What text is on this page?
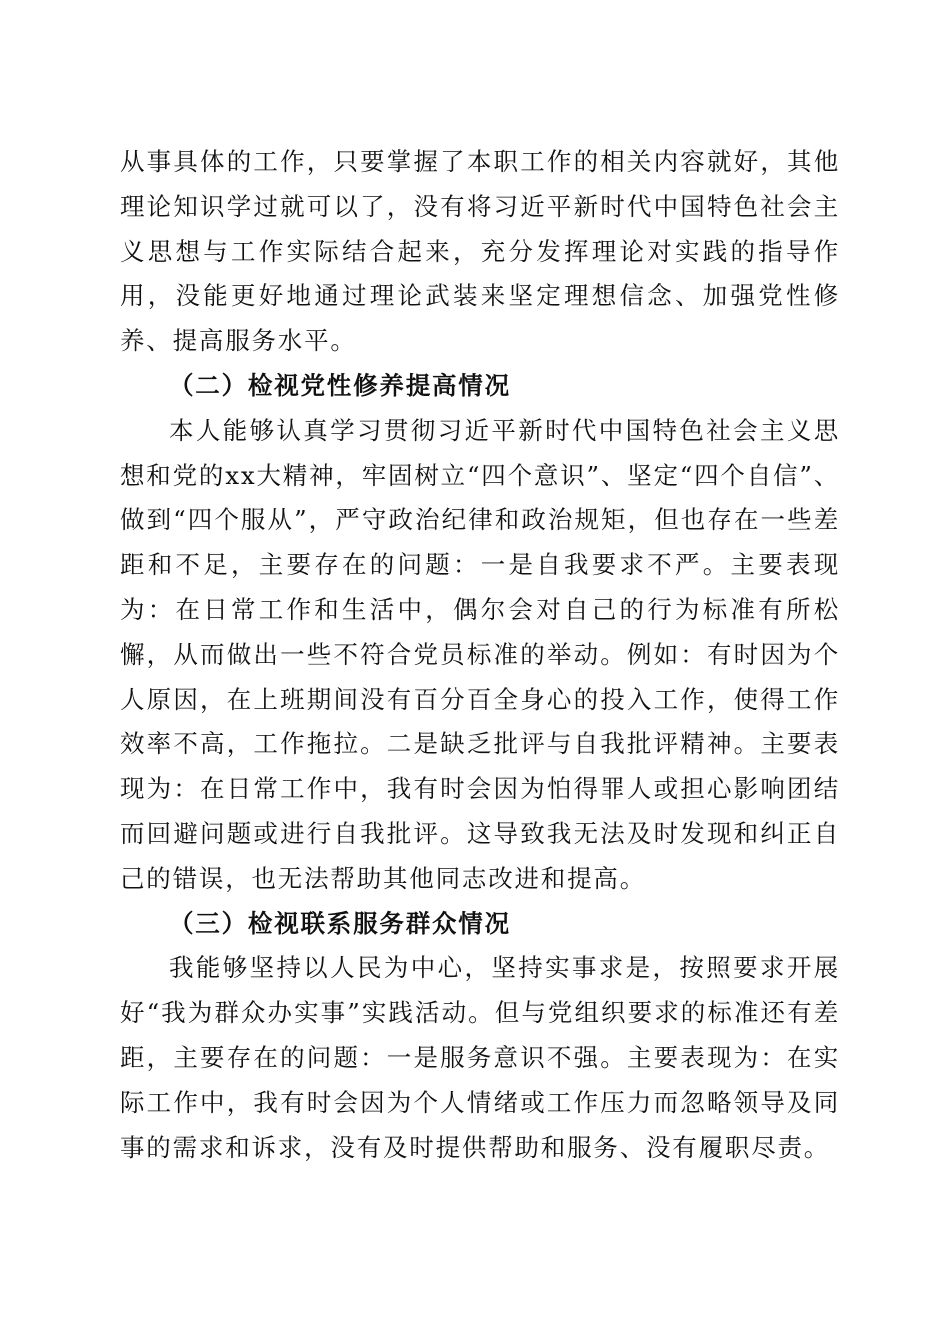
从事具体的工作，只要掌握了本职工作的相关内容就好，其他理论知识学过就可以了，没有将习近平新时代中国特色社会主义思想与工作实际结合起来，充分发挥理论对实践的指导作用，没能更好地通过理论武装来坚定理想信念、加强党性修养、提高服务水平。

（二）检视党性修养提高情况

本人能够认真学习贯彻习近平新时代中国特色社会主义思想和党的xx大精神，牢固树立“四个意识”、坚定“四个自信”、做到“四个服从”，严守政治纪律和政治规矩，但也存在一些差距和不足，主要存在的问题：一是自我要求不严。主要表现为：在日常工作和生活中，偶尔会对自己的行为标准有所松懈，从而做出一些不符合党员标准的举动。例如：有时因为个人原因，在上班期间没有百分百全身心的投入工作，使得工作效率不高，工作拖拉。二是缺乏批评与自我批评精神。主要表现为：在日常工作中，我有时会因为怕得罪人或担心影响团结而回避问题或进行自我批评。这导致我无法及时发现和纠正自己的错误，也无法帮助其他同志改进和提高。

（三）检视联系服务群众情况

我能够坚持以人民为中心，坚持实事求是，按照要求开展好“我为群众办实事”实践活动。但与党组织要求的标准还有差距，主要存在的问题：一是服务意识不强。主要表现为：在实际工作中，我有时会因为个人情绪或工作压力而忽略领导及同事的需求和诉求，没有及时提供帮助和服务、没有履职尽责。
